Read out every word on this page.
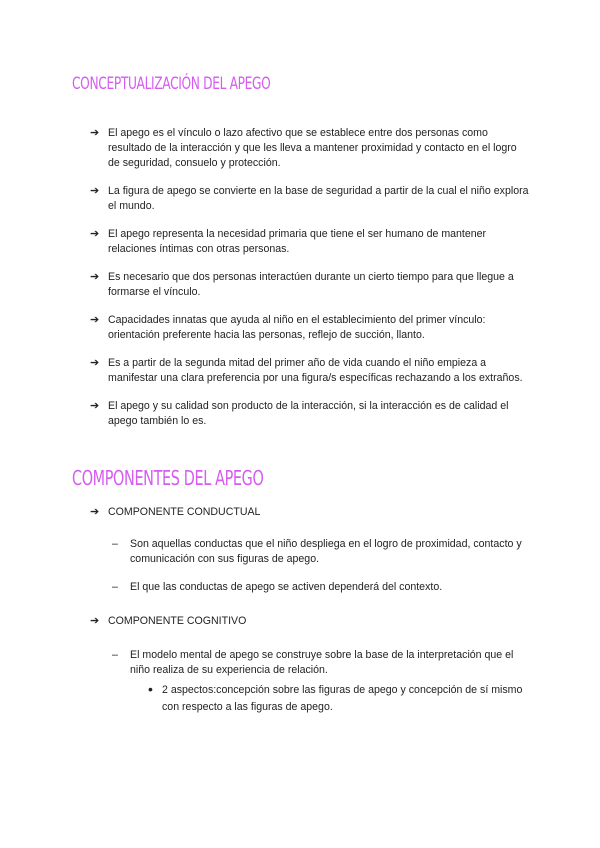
CONCEPTUALIZACIÓN DEL APEGO
➔ El apego es el vínculo o lazo afectivo que se establece entre dos personas como resultado de la interacción y que les lleva a mantener proximidad y contacto en el logro de seguridad, consuelo y protección.
➔ La figura de apego se convierte en la base de seguridad a partir de la cual el niño explora el mundo.
➔ El apego representa la necesidad primaria que tiene el ser humano de mantener relaciones íntimas con otras personas.
➔ Es necesario que dos personas interactúen durante un cierto tiempo para que llegue a formarse el vínculo.
➔ Capacidades innatas que ayuda al niño en el establecimiento del primer vínculo: orientación preferente hacia las personas, reflejo de succión, llanto.
➔ Es a partir de la segunda mitad del primer año de vida cuando el niño empieza a manifestar una clara preferencia por una figura/s específicas rechazando a los extraños.
➔ El apego y su calidad son producto de la interacción, si la interacción es de calidad el apego también lo es.
COMPONENTES DEL APEGO
➔ COMPONENTE CONDUCTUAL
– Son aquellas conductas que el niño despliega en el logro de proximidad, contacto y comunicación con sus figuras de apego.
– El que las conductas de apego se activen dependerá del contexto.
➔ COMPONENTE COGNITIVO
– El modelo mental de apego se construye sobre la base de la interpretación que el niño realiza de su experiencia de relación.
• 2 aspectos:concepción sobre las figuras de apego y concepción de sí mismo con respecto a las figuras de apego.
